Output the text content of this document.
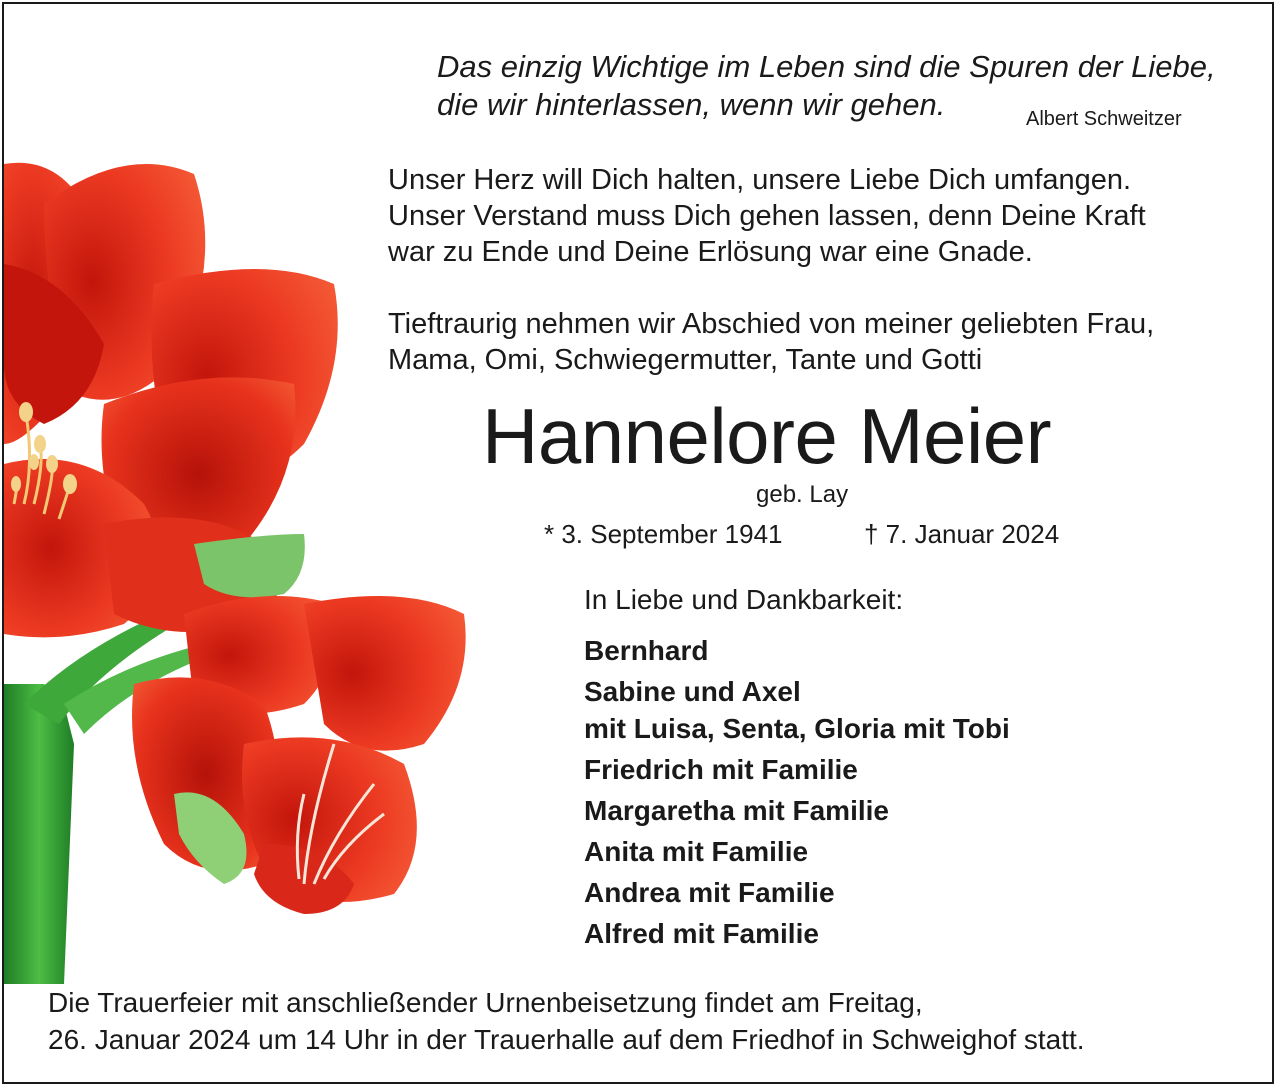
Das einzig Wichtige im Leben sind die Spuren der Liebe,
die wir hinterlassen, wenn wir gehen.	Albert Schweitzer
Unser Herz will Dich halten, unsere Liebe Dich umfangen.
Unser Verstand muss Dich gehen lassen, denn Deine Kraft
war zu Ende und Deine Erlösung war eine Gnade.
Tieftraurig nehmen wir Abschied von meiner geliebten Frau,
Mama, Omi, Schwiegermutter, Tante und Gotti
Hannelore Meier
geb. Lay
* 3. September 1941	† 7. Januar 2024
In Liebe und Dankbarkeit:
Bernhard
Sabine und Axel
mit Luisa, Senta, Gloria mit Tobi
Friedrich mit Familie
Margaretha mit Familie
Anita mit Familie
Andrea mit Familie
Alfred mit Familie
Die Trauerfeier mit anschließender Urnenbeisetzung findet am Freitag,
26. Januar 2024 um 14 Uhr in der Trauerhalle auf dem Friedhof in Schweighof statt.
